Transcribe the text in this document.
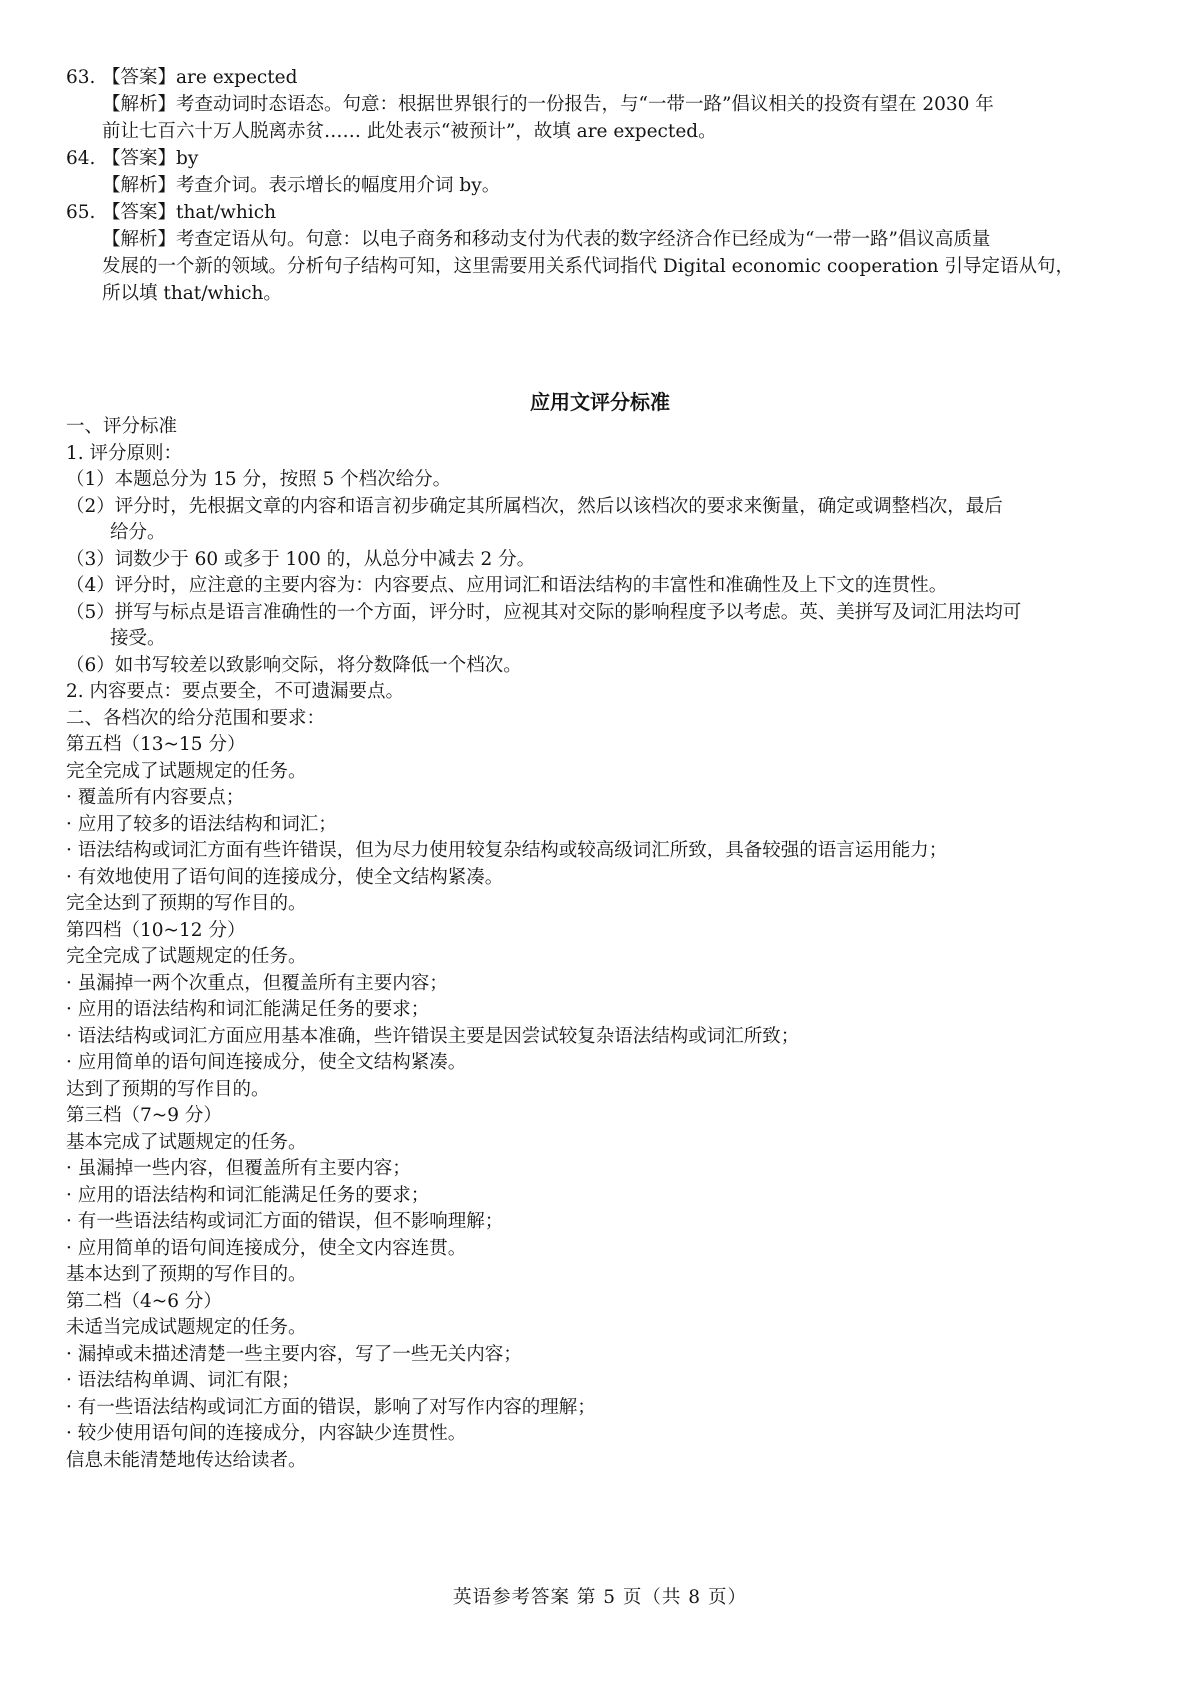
63. 【答案】are expected
【解析】考查动词时态语态。句意：根据世界银行的一份报告，与“一带一路”倡议相关的投资有望在 2030 年
前让七百六十万人脱离赤贫…… 此处表示“被预计”，故填 are expected。
64. 【答案】by
【解析】考查介词。表示增长的幅度用介词 by。
65. 【答案】that/which
【解析】考查定语从句。句意：以电子商务和移动支付为代表的数字经济合作已经成为“一带一路”倡议高质量
发展的一个新的领域。分析句子结构可知，这里需要用关系代词指代 Digital economic cooperation 引导定语从句，
所以填 that/which。
应用文评分标准
一、评分标准
1. 评分原则：
（1）本题总分为 15 分，按照 5 个档次给分。
（2）评分时，先根据文章的内容和语言初步确定其所属档次，然后以该档次的要求来衡量，确定或调整档次，最后
给分。
（3）词数少于 60 或多于 100 的，从总分中减去 2 分。
（4）评分时，应注意的主要内容为：内容要点、应用词汇和语法结构的丰富性和准确性及上下文的连贯性。
（5）拼写与标点是语言准确性的一个方面，评分时，应视其对交际的影响程度予以考虑。英、美拼写及词汇用法均可
接受。
（6）如书写较差以致影响交际，将分数降低一个档次。
2. 内容要点：要点要全，不可遗漏要点。
二、各档次的给分范围和要求：
第五档（13~15 分）
完全完成了试题规定的任务。
· 覆盖所有内容要点；
· 应用了较多的语法结构和词汇；
· 语法结构或词汇方面有些许错误，但为尽力使用较复杂结构或较高级词汇所致，具备较强的语言运用能力；
· 有效地使用了语句间的连接成分，使全文结构紧凑。
完全达到了预期的写作目的。
第四档（10~12 分）
完全完成了试题规定的任务。
· 虽漏掉一两个次重点，但覆盖所有主要内容；
· 应用的语法结构和词汇能满足任务的要求；
· 语法结构或词汇方面应用基本准确，些许错误主要是因尝试较复杂语法结构或词汇所致；
· 应用简单的语句间连接成分，使全文结构紧凑。
达到了预期的写作目的。
第三档（7~9 分）
基本完成了试题规定的任务。
· 虽漏掉一些内容，但覆盖所有主要内容；
· 应用的语法结构和词汇能满足任务的要求；
· 有一些语法结构或词汇方面的错误，但不影响理解；
· 应用简单的语句间连接成分，使全文内容连贯。
基本达到了预期的写作目的。
第二档（4~6 分）
未适当完成试题规定的任务。
· 漏掉或未描述清楚一些主要内容，写了一些无关内容；
· 语法结构单调、词汇有限；
· 有一些语法结构或词汇方面的错误，影响了对写作内容的理解；
· 较少使用语句间的连接成分，内容缺少连贯性。
信息未能清楚地传达给读者。
英语参考答案 第 5 页（共 8 页）
